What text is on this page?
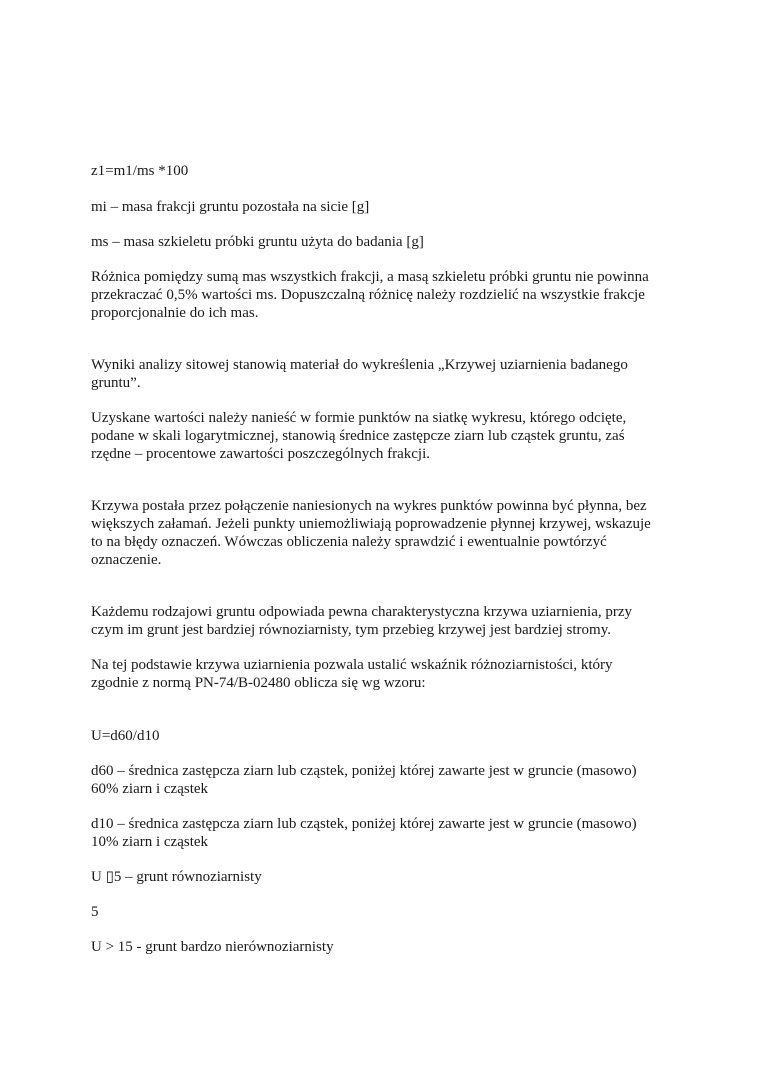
z1=m1/ms *100

mi – masa frakcji gruntu pozostała na sicie [g]

ms – masa szkieletu próbki gruntu użyta do badania [g]

Różnica pomiędzy sumą mas wszystkich frakcji, a masą szkieletu próbki gruntu nie powinna
przekraczać 0,5% wartości ms. Dopuszczalną różnicę należy rozdzielić na wszystkie frakcje
proporcjonalnie do ich mas.

Wyniki analizy sitowej stanowią materiał do wykreślenia „Krzywej uziarnienia badanego
gruntu”.

Uzyskane wartości należy nanieść w formie punktów na siatkę wykresu, którego odcięte,
podane w skali logarytmicznej, stanowią średnice zastępcze ziarn lub cząstek gruntu, zaś
rzędne – procentowe zawartości poszczególnych frakcji.

Krzywa postała przez połączenie naniesionych na wykres punktów powinna być płynna, bez
większych załamań. Jeżeli punkty uniemożliwiają poprowadzenie płynnej krzywej, wskazuje
to na błędy oznaczeń. Wówczas obliczenia należy sprawdzić i ewentualnie powtórzyć
oznaczenie.

Każdemu rodzajowi gruntu odpowiada pewna charakterystyczna krzywa uziarnienia, przy
czym im grunt jest bardziej równoziarnisty, tym przebieg krzywej jest bardziej stromy.

Na tej podstawie krzywa uziarnienia pozwala ustalić wskaźnik różnoziarnistości, który
zgodnie z normą PN-74/B-02480 oblicza się wg wzoru:

U=d60/d10

d60 – średnica zastępcza ziarn lub cząstek, poniżej której zawarte jest w gruncie (masowo)
60% ziarn i cząstek

d10 – średnica zastępcza ziarn lub cząstek, poniżej której zawarte jest w gruncie (masowo)
10% ziarn i cząstek

U ▯5 – grunt równoziarnisty

5

U > 15 - grunt bardzo nierównoziarnisty
